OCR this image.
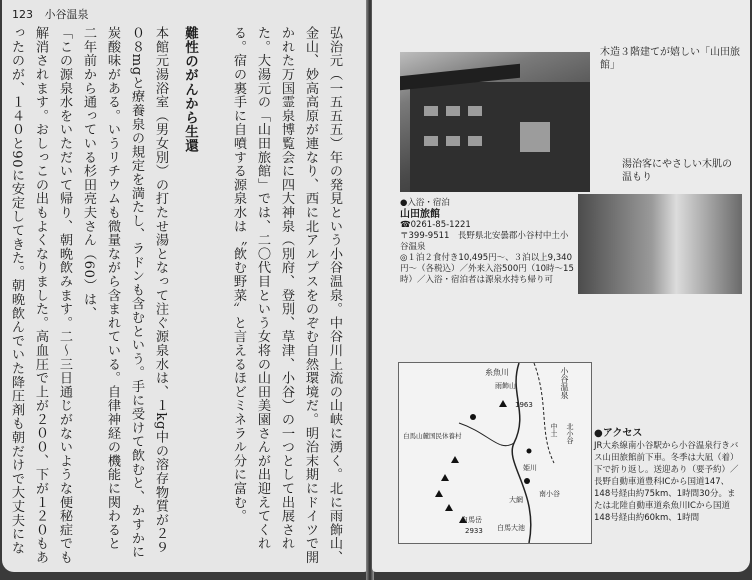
123 小谷温泉

弘治元（一五五五）年の発見という小谷温泉。中谷川上流の山峡に湧く。北に雨飾山、金山、妙高高原が連なり、西に北アルプスをのぞむ自然環境だ。明治末期にドイツで開かれた万国霊泉博覧会に四大神泉（別府、登別、草津、小谷）の一つとして出展された。大湯元の「山田旅館」では、二〇代目という女将の山田美園さんが出迎えてくれる。宿の裏手に自噴する源泉水は〝飲む野菜〟と言えるほどミネラル分に富む。

難性のがんから生還

本館元湯浴室（男女別）の打たせ湯となって注ぐ源泉水は、１kg中の溶存物質が２９０８mgと療養泉の規定を満たし、ラドンも含むという。手に受けて飲むと、かすかに炭酸味がある。いうリチウムも微量ながら含まれている。自律神経の機能に関わると

二年前から通っている杉田亮夫さん（60）は、

「この源泉水をいただいて帰り、朝晩飲みます。二〜三日通じがないような便秘症でも解消されます。おしっこの出もよくなりました。高血圧で上が２００、下が１２０もあったのが、１４０と90に安定してきた。朝晩飲んでいた降圧剤も朝だけで大丈夫にな

木造３階建てが嬉しい「山田旅館」
湯治客にやさしい木肌の温もり
●入浴・宿泊
山田旅館
☎0261-85-1221
〒399-9511　長野県北安曇郡小谷村中土小谷温泉
◎１泊２食付き10,495円〜、３泊以上9,340円〜（各税込）／外来入浴500円（10時〜15時）／入浴・宿泊者は源泉水持ち帰り可
糸魚川
雨飾山
1963
小谷温泉
中土 北小谷
南小谷
白馬山麓国民休養村
大網
白馬大池
白馬岳
2933
姫川
●アクセス
JR大糸線南小谷駅から小谷温泉行きバス山田旅館前下車。冬季は大凪（着）下で折り返し。送迎あり（要予約）／長野自動車道豊科ICから国道147、148号経由約75km、1時間30分。または北陸自動車道糸魚川ICから国道148号経由約60km、1時間
